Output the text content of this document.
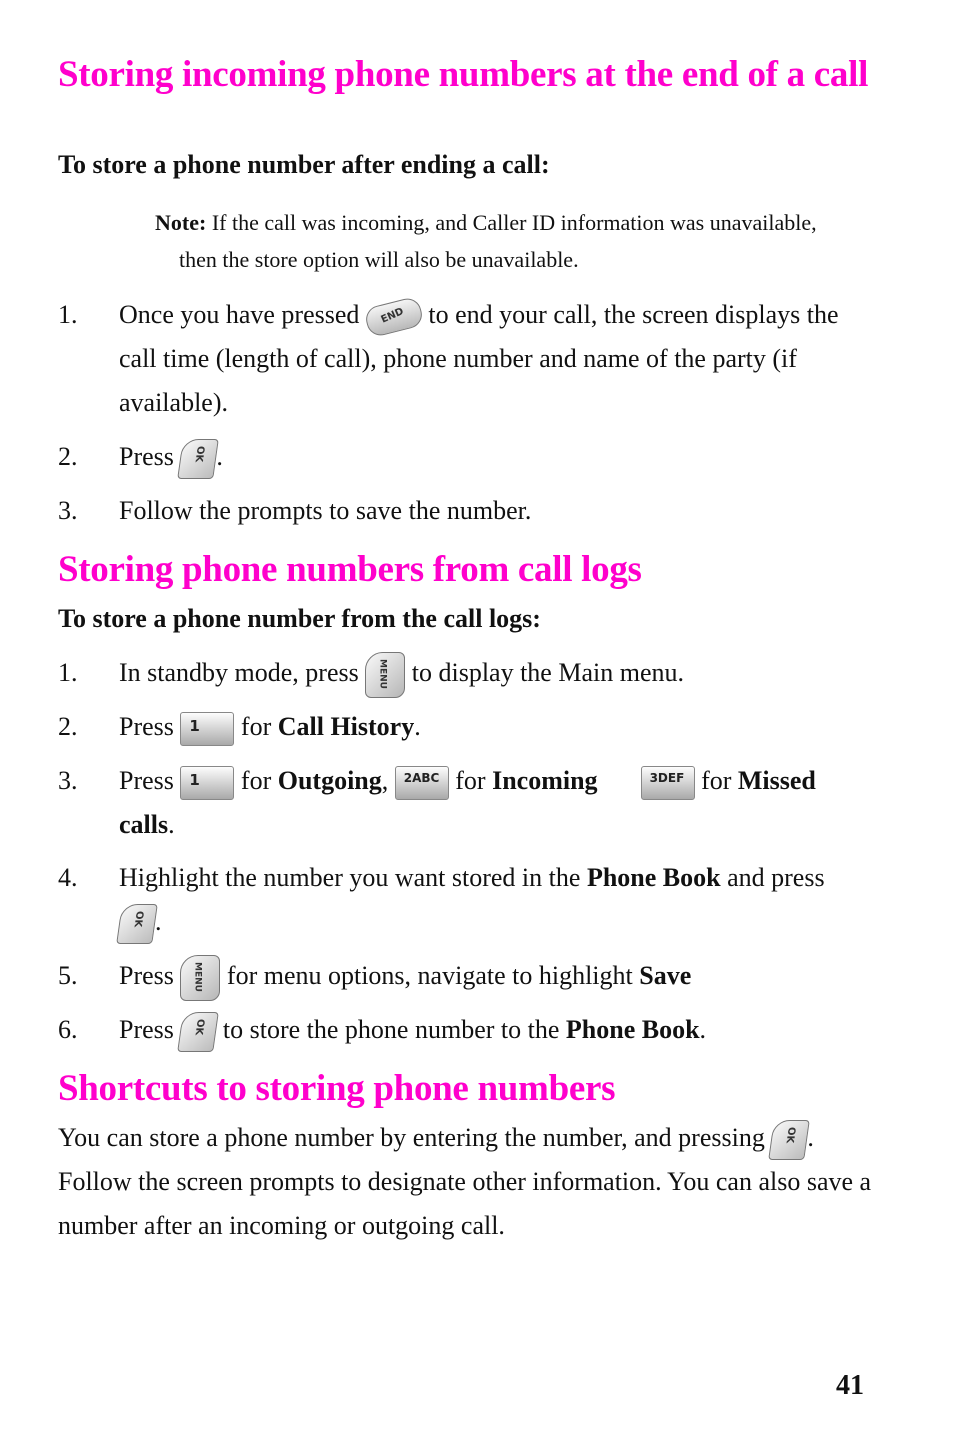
Storing incoming phone numbers at the end of a call

To store a phone number after ending a call:

Note: If the call was incoming, and Caller ID information was unavailable,
then the store option will also be unavailable.
1.	Once you have pressed END to end your call, the screen displays the call time (length of call), phone number and name of the party (if available).
2.	Press OK .
3.	Follow the prompts to save the number.
Storing phone numbers from call logs

To store a phone number from the call logs:

1.	In standby mode, press MENU to display the Main menu.
2.	Press 1 for Call History.
3.	Press 1 for Outgoing, 2ABC for Incoming	3DEF for Missed calls.
4.	Highlight the number you want stored in the Phone Book and press

OK .
5.	Press MENU for menu options, navigate to highlight Save
6.	Press OK to store the phone number to the Phone Book.
Shortcuts to storing phone numbers
You can store a phone number by entering the number, and pressing OK . Follow the screen prompts to designate other information. You can also save a number after an incoming or outgoing call.
41
